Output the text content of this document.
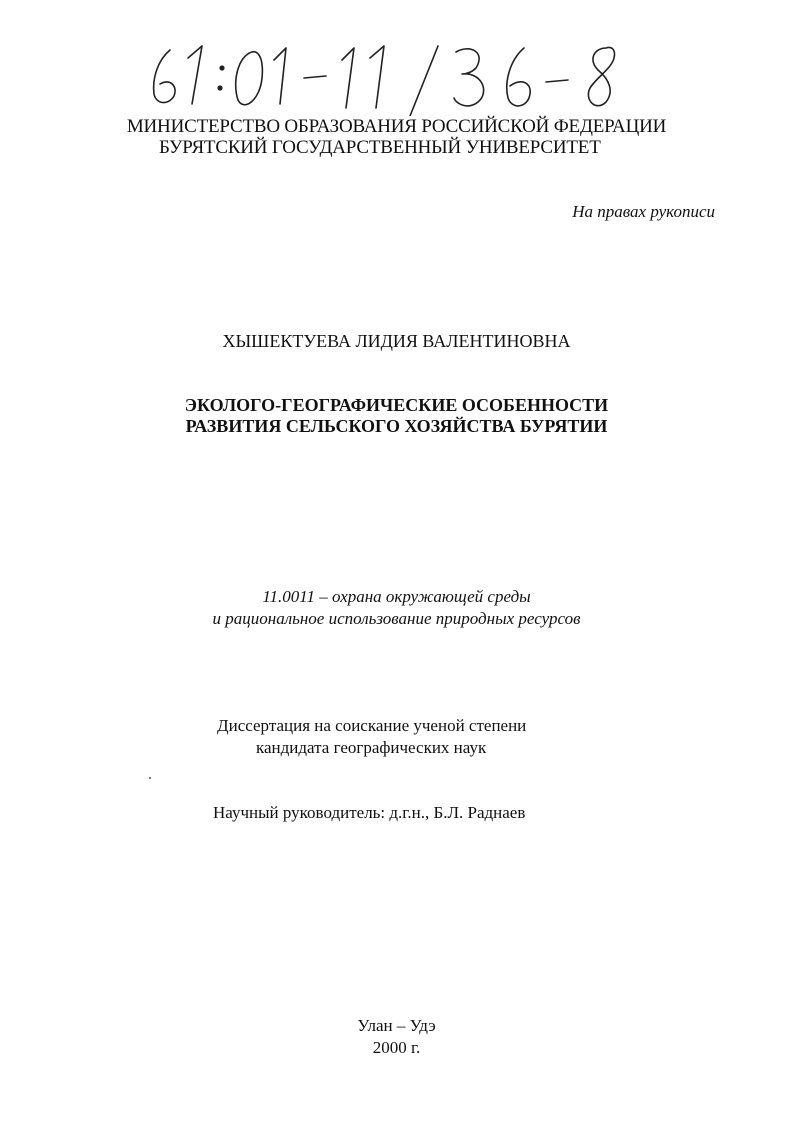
МИНИСТЕРСТВО ОБРАЗОВАНИЯ РОССИЙСКОЙ ФЕДЕРАЦИИ
БУРЯТСКИЙ ГОСУДАРСТВЕННЫЙ УНИВЕРСИТЕТ
На правах рукописи
ХЫШЕКТУЕВА ЛИДИЯ ВАЛЕНТИНОВНА
ЭКОЛОГО-ГЕОГРАФИЧЕСКИЕ ОСОБЕННОСТИ
РАЗВИТИЯ СЕЛЬСКОГО ХОЗЯЙСТВА БУРЯТИИ
11.0011 – охрана окружающей среды
и рациональное использование природных ресурсов
Диссертация на соискание ученой степени
кандидата географических наук
Научный руководитель: д.г.н., Б.Л. Раднаев
Улан – Удэ
2000 г.
